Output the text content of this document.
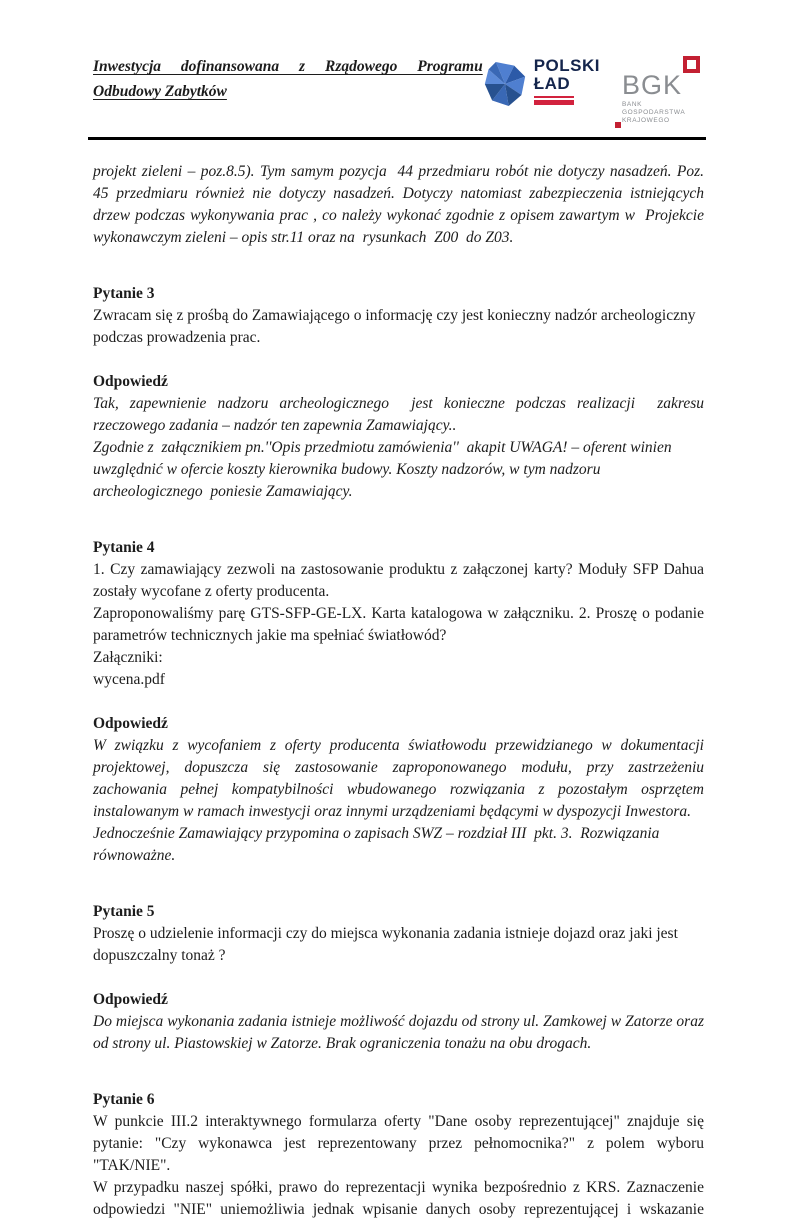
Inwestycja dofinansowana z Rządowego Programu Odbudowy Zabytków
POLSKI
ŁAD	BGK
BANK GOSPODARSTWA
KRAJOWEGO

projekt zieleni – poz.8.5). Tym samym pozycja  44 przedmiaru robót nie dotyczy nasadzeń. Poz.  45 przedmiaru również nie dotyczy nasadzeń. Dotyczy natomiast zabezpieczenia istniejących drzew podczas wykonywania prac , co należy wykonać zgodnie z opisem zawartym w  Projekcie wykonawczym zieleni – opis str.11 oraz na  rysunkach  Z00  do Z03.

Pytanie 3

Zwracam się z prośbą do Zamawiającego o informację czy jest konieczny nadzór archeologiczny podczas prowadzenia prac.

Odpowiedź

Tak, zapewnienie nadzoru archeologicznego  jest konieczne podczas realizacji  zakresu rzeczowego zadania – nadzór ten zapewnia Zamawiający..

Zgodnie z  załącznikiem pn.''Opis przedmiotu zamówienia''  akapit UWAGA! – oferent winien uwzględnić w ofercie koszty kierownika budowy. Koszty nadzorów, w tym nadzoru archeologicznego  poniesie Zamawiający.

Pytanie 4

1. Czy zamawiający zezwoli na zastosowanie produktu z załączonej karty? Moduły SFP Dahua zostały wycofane z oferty producenta.

Zaproponowaliśmy parę GTS-SFP-GE-LX. Karta katalogowa w załączniku. 2. Proszę o podanie parametrów technicznych jakie ma spełniać światłowód?

Załączniki:

wycena.pdf

Odpowiedź

W związku z wycofaniem z oferty producenta światłowodu przewidzianego w dokumentacji projektowej, dopuszcza się zastosowanie zaproponowanego modułu, przy zastrzeżeniu zachowania pełnej kompatybilności wbudowanego rozwiązania z pozostałym osprzętem instalowanym w ramach inwestycji oraz innymi urządzeniami będącymi w dyspozycji Inwestora.

Jednocześnie Zamawiający przypomina o zapisach SWZ – rozdział III  pkt. 3.  Rozwiązania równoważne.

Pytanie 5

Proszę o udzielenie informacji czy do miejsca wykonania zadania istnieje dojazd oraz jaki jest dopuszczalny tonaż ?

Odpowiedź

Do miejsca wykonania zadania istnieje możliwość dojazdu od strony ul. Zamkowej w Zatorze oraz od strony ul. Piastowskiej w Zatorze. Brak ograniczenia tonażu na obu drogach.

Pytanie 6

W punkcie III.2 interaktywnego formularza oferty "Dane osoby reprezentującej" znajduje się pytanie: "Czy wykonawca jest reprezentowany przez pełnomocnika?" z polem wyboru "TAK/NIE".

W przypadku naszej spółki, prawo do reprezentacji wynika bezpośrednio z KRS. Zaznaczenie odpowiedzi "NIE" uniemożliwia jednak wpisanie danych osoby reprezentującej i wskazanie
